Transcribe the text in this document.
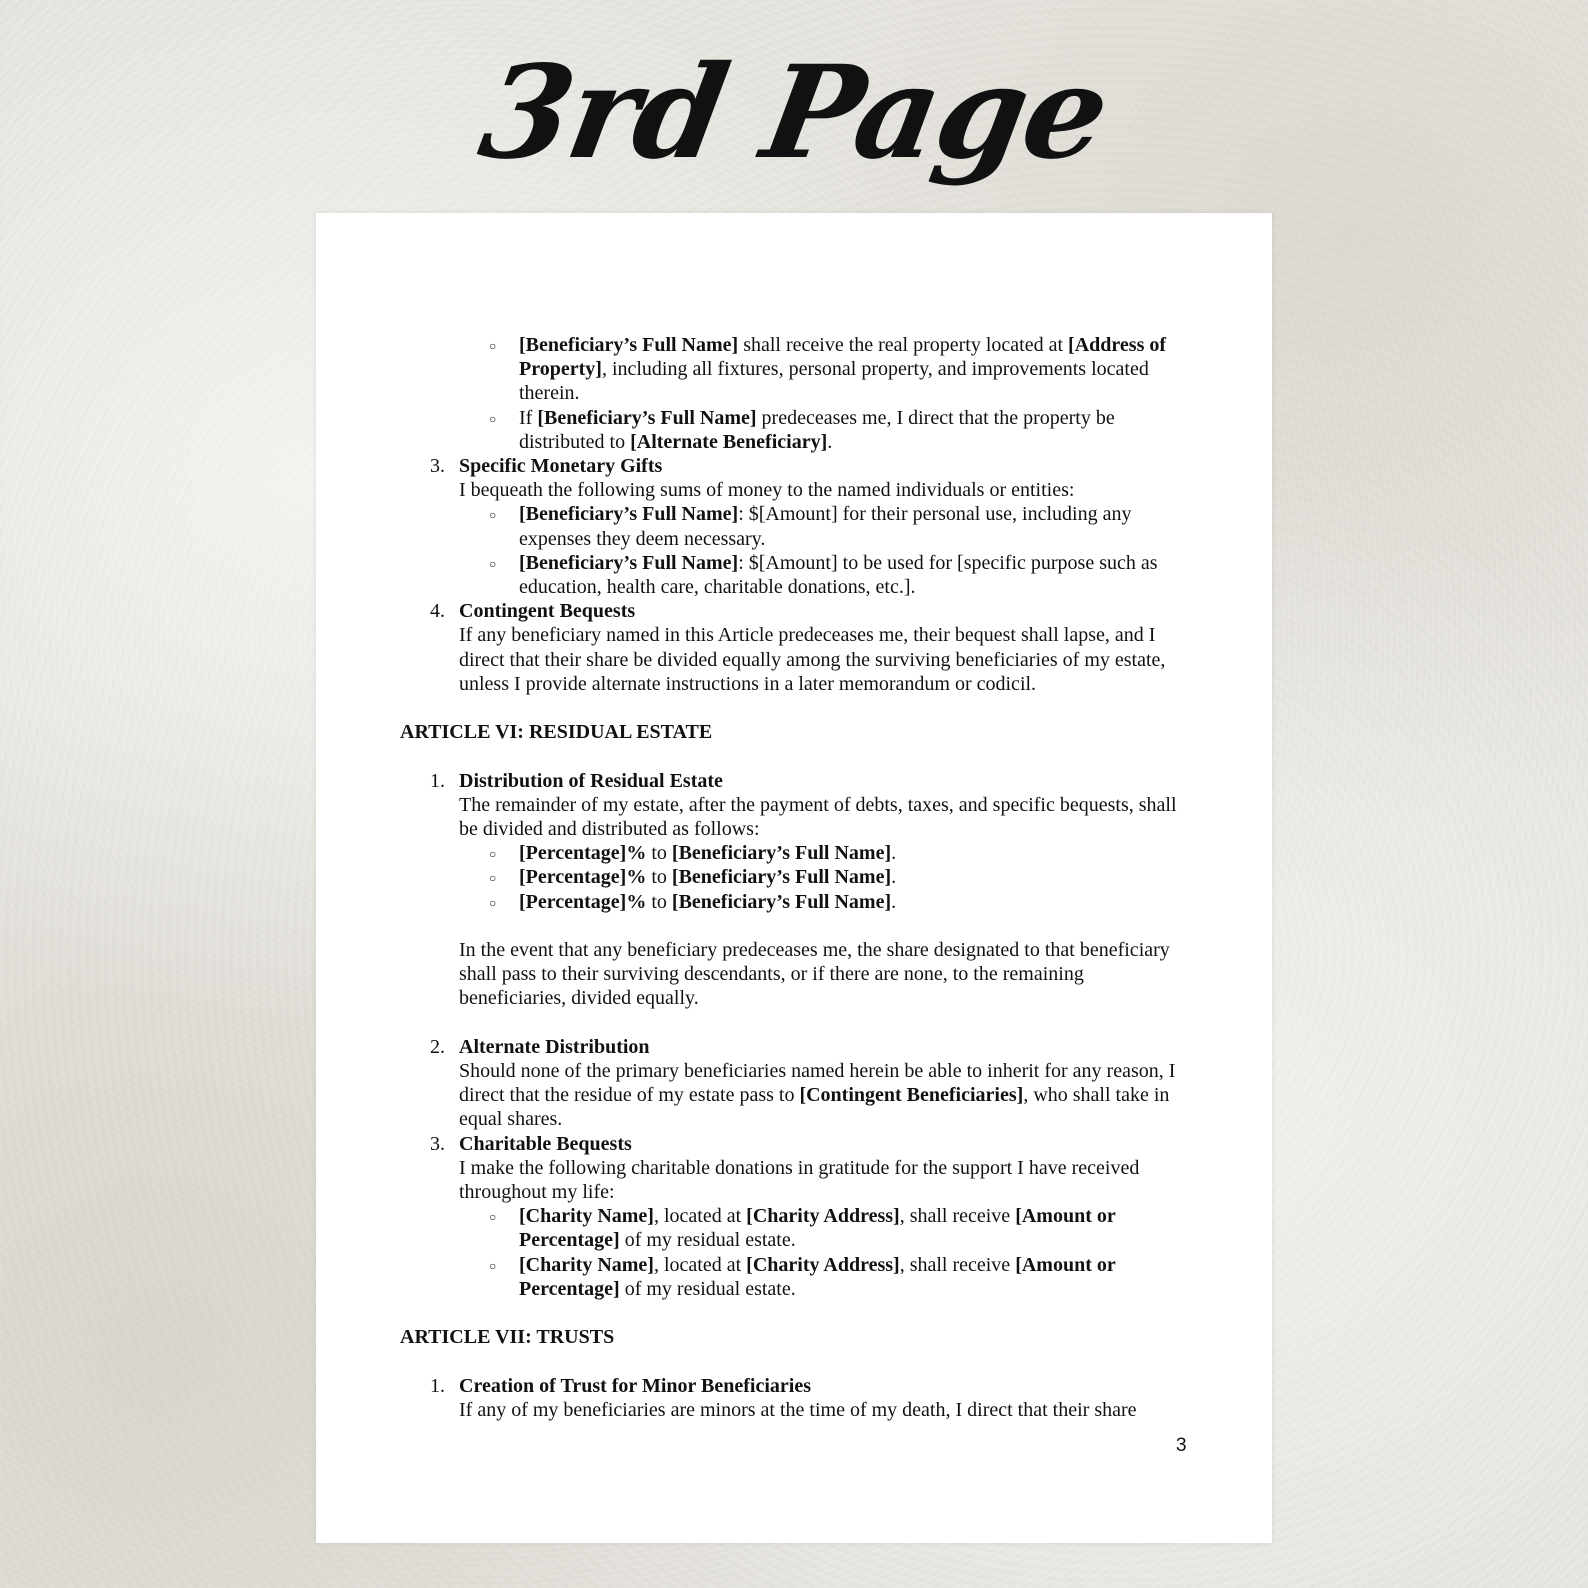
3rd Page
○ [Beneficiary’s Full Name] shall receive the real property located at [Address of Property], including all fixtures, personal property, and improvements located therein.
○ If [Beneficiary’s Full Name] predeceases me, I direct that the property be distributed to [Alternate Beneficiary].
3. Specific Monetary Gifts
I bequeath the following sums of money to the named individuals or entities:
○ [Beneficiary’s Full Name]: $[Amount] for their personal use, including any expenses they deem necessary.
○ [Beneficiary’s Full Name]: $[Amount] to be used for [specific purpose such as education, health care, charitable donations, etc.].
4. Contingent Bequests
If any beneficiary named in this Article predeceases me, their bequest shall lapse, and I direct that their share be divided equally among the surviving beneficiaries of my estate, unless I provide alternate instructions in a later memorandum or codicil.
ARTICLE VI: RESIDUAL ESTATE
1. Distribution of Residual Estate
The remainder of my estate, after the payment of debts, taxes, and specific bequests, shall be divided and distributed as follows:
○ [Percentage]% to [Beneficiary’s Full Name].
○ [Percentage]% to [Beneficiary’s Full Name].
○ [Percentage]% to [Beneficiary’s Full Name].
In the event that any beneficiary predeceases me, the share designated to that beneficiary shall pass to their surviving descendants, or if there are none, to the remaining beneficiaries, divided equally.
2. Alternate Distribution
Should none of the primary beneficiaries named herein be able to inherit for any reason, I direct that the residue of my estate pass to [Contingent Beneficiaries], who shall take in equal shares.
3. Charitable Bequests
I make the following charitable donations in gratitude for the support I have received throughout my life:
○ [Charity Name], located at [Charity Address], shall receive [Amount or Percentage] of my residual estate.
○ [Charity Name], located at [Charity Address], shall receive [Amount or Percentage] of my residual estate.
ARTICLE VII: TRUSTS
1. Creation of Trust for Minor Beneficiaries
If any of my beneficiaries are minors at the time of my death, I direct that their share
3
